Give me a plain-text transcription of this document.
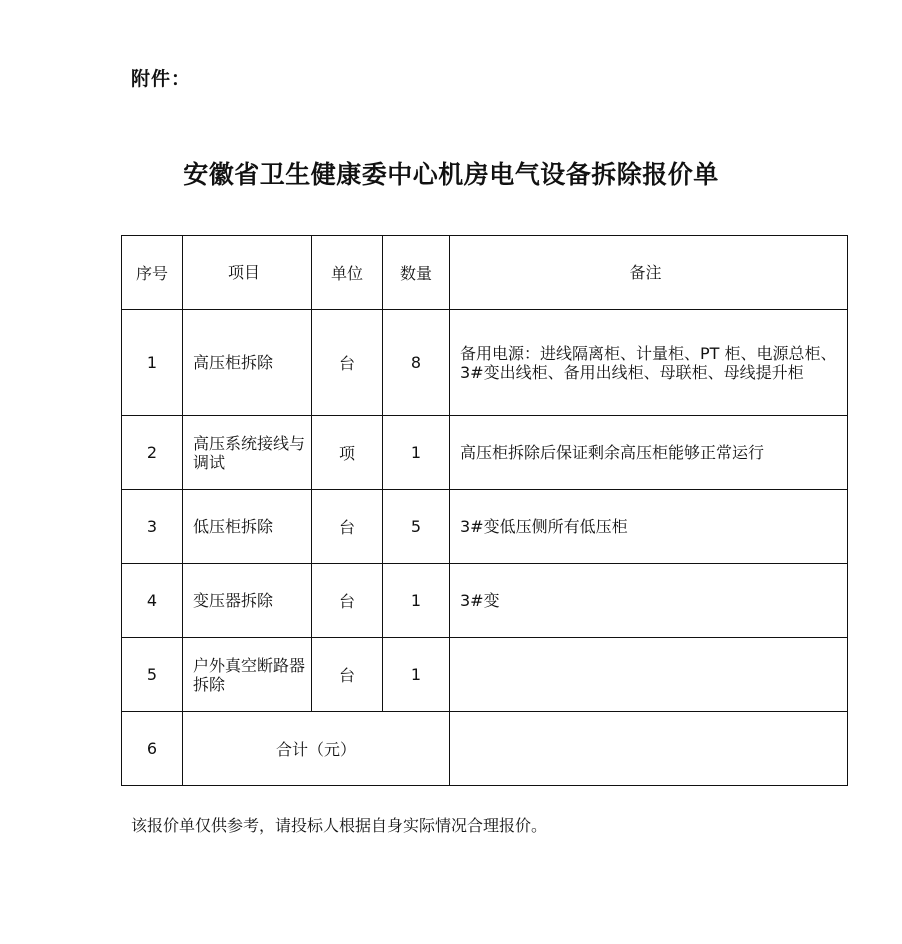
附件：
安徽省卫生健康委中心机房电气设备拆除报价单
序号	项目	单位	数量	备注
1	高压柜拆除	台	8	备用电源：进线隔离柜、计量柜、PT 柜、电源总柜、3#变出线柜、备用出线柜、母联柜、母线提升柜
2	高压系统接线与调试	项	1	高压柜拆除后保证剩余高压柜能够正常运行
3	低压柜拆除	台	5	3#变低压侧所有低压柜
4	变压器拆除	台	1	3#变
5	户外真空断路器拆除	台	1	
6	合计（元）			
该报价单仅供参考，请投标人根据自身实际情况合理报价。
